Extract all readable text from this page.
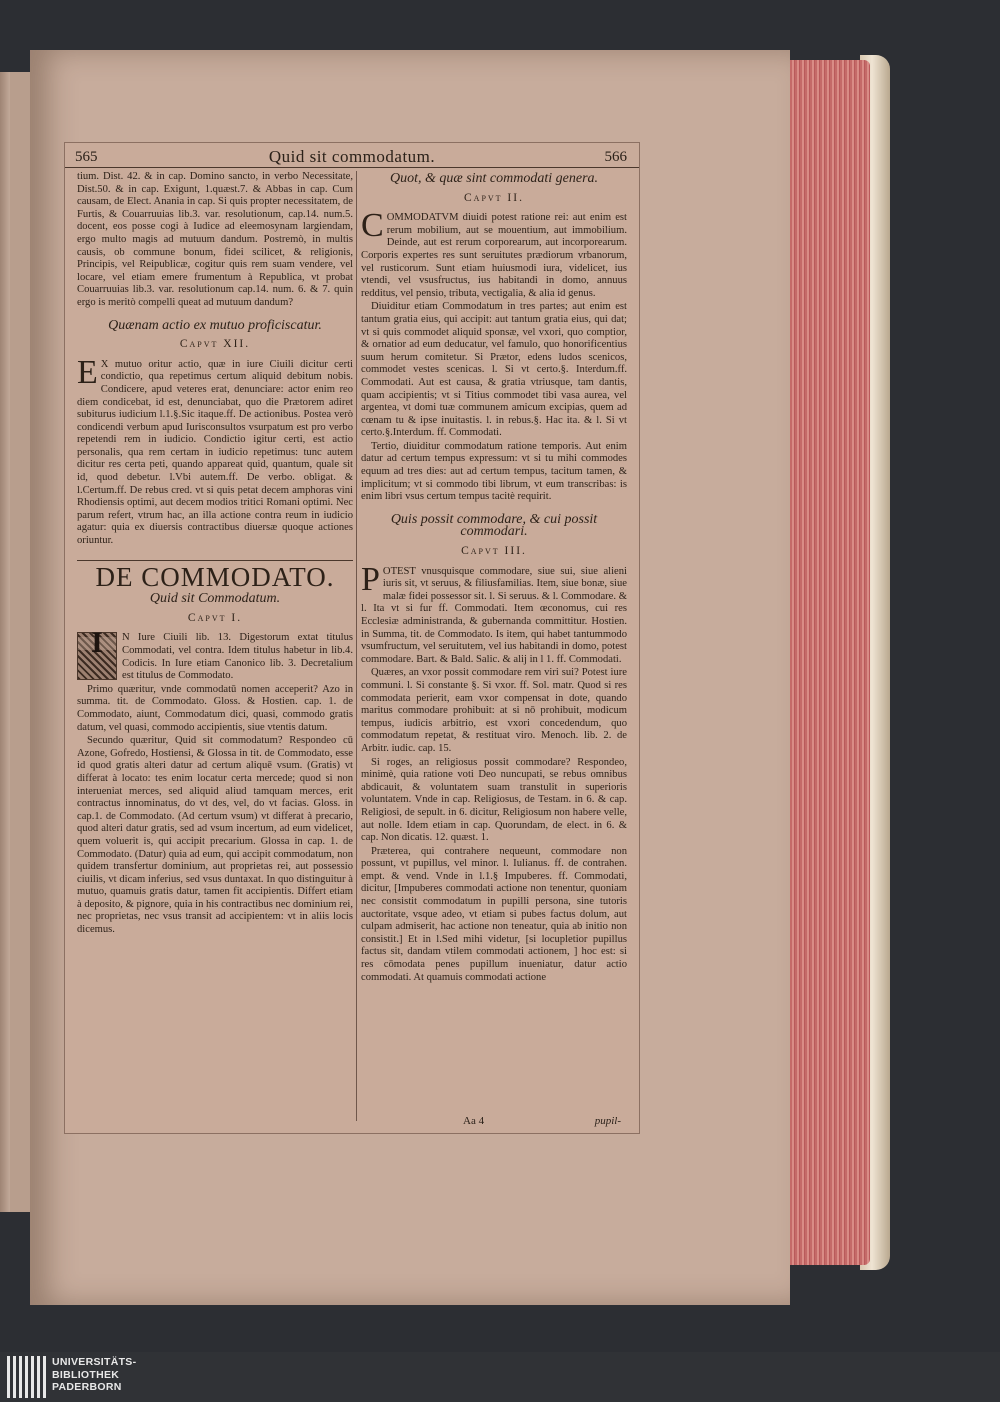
565	Quid sit commodatum.	566

tium. Dist. 42. & in cap. Domino sancto, in verbo Necessitate, Dist.50. & in cap. Exigunt, 1.quæst.7. & Abbas in cap. Cum causam, de Elect. Anania in cap. Si quis propter necessitatem, de Furtis, & Couarruuias lib.3. var. resolutionum, cap.14. num.5. docent, eos posse cogi à Iudice ad eleemosynam largiendam, ergo multo magis ad mutuum dandum. Postremò, in multis causis, ob commune bonum, fidei scilicet, & religionis, Principis, vel Reipublicæ, cogitur quis rem suam vendere, vel locare, vel etiam emere frumentum à Republica, vt probat Couarruuias lib.3. var. resolutionum cap.14. num. 6. & 7. quin ergo is meritò compelli queat ad mutuum dandum?

Quænam actio ex mutuo proficiscatur.
Capvt XII.

E X mutuo oritur actio, quæ in iure Ciuili dicitur certi condictio, qua repetimus certum aliquid debitum nobis. Condicere, apud veteres erat, denunciare: actor enim reo diem condicebat, id est, denunciabat, quo die Prætorem adiret subiturus iudicium l.1.§.Sic itaque.ff. De actionibus. Postea verò condicendi verbum apud Iurisconsultos vsurpatum est pro verbo repetendi rem in iudicio. Condictio igitur certi, est actio personalis, qua rem certam in iudicio repetimus: tunc autem dicitur res certa peti, quando appareat quid, quantum, quale sit id, quod debetur. l.Vbi autem.ff. De verbo. obligat. & l.Certum.ff. De rebus cred. vt si quis petat decem amphoras vini Rhodiensis optimi, aut decem modios tritici Romani optimi. Nec parum refert, vtrum hac, an illa actione contra reum in iudicio agatur: quia ex diuersis contractibus diuersæ quoque actiones oriuntur.

DE COMMODATO.
Quid sit Commodatum.
Capvt I.

I	N Iure Ciuili lib. 13. Digestorum extat titulus Commodati, vel contra. Idem titulus habetur in lib.4. Codicis. In Iure etiam Canonico lib. 3. Decretalium est titulus de Commodato.

Primo quæritur, vnde commodatū nomen acceperit? Azo in summa. tit. de Commodato. Gloss. & Hostien. cap. 1. de Commodato, aiunt, Commodatum dici, quasi, commodo gratis datum, vel quasi, commodo accipientis, siue vtentis datum.

Secundo quæritur, Quid sit commodatum? Respondeo cū Azone, Gofredo, Hostiensi, & Glossa in tit. de Commodato, esse id quod gratis alteri datur ad certum aliquē vsum. (Gratis) vt differat à locato: tes enim locatur certa mercede; quod si non interueniat merces, sed aliquid aliud tamquam merces, erit contractus innominatus, do vt des, vel, do vt facias. Gloss. in cap.1. de Commodato. (Ad certum vsum) vt differat à precario, quod alteri datur gratis, sed ad vsum incertum, ad eum videlicet, quem voluerit is, qui accipit precarium. Glossa in cap. 1. de Commodato. (Datur) quia ad eum, qui accipit commodatum, non quidem transfertur dominium, aut proprietas rei, aut possessio ciuilis, vt dicam inferius, sed vsus duntaxat. In quo distinguitur à mutuo, quamuis gratis datur, tamen fit accipientis. Differt etiam à deposito, & pignore, quia in his contractibus nec dominium rei, nec proprietas, nec vsus transit ad accipientem: vt in aliis locis dicemus.

Quot, & quæ sint commodati genera.
Capvt II.

COMMODATVM diuidi potest ratione rei: aut enim est rerum mobilium, aut se mouentium, aut immobilium. Deinde, aut est rerum corporearum, aut incorporearum. Corporis expertes res sunt seruitutes prædiorum vrbanorum, vel rusticorum. Sunt etiam huiusmodi iura, videlicet, ius vtendi, vel vsusfructus, ius habitandi in domo, annuus redditus, vel pensio, tributa, vectigalia, & alia id genus.

Diuiditur etiam Commodatum in tres partes; aut enim est tantum gratia eius, qui accipit: aut tantum gratia eius, qui dat; vt si quis commodet aliquid sponsæ, vel vxori, quo comptior, & ornatior ad eum deducatur, vel famulo, quo honorificentius suum herum comitetur. Si Prætor, edens ludos scenicos, commodet vestes scenicas. l. Si vt certo.§. Interdum.ff. Commodati. Aut est causa, & gratia vtriusque, tam dantis, quam accipientis; vt si Titius commodet tibi vasa aurea, vel argentea, vt domi tuæ communem amicum excipias, quem ad cœnam tu & ipse inuitastis. l. in rebus.§. Hac ita. & l. Si vt certo.§.Interdum. ff. Commodati.

Tertio, diuiditur commodatum ratione temporis. Aut enim datur ad certum tempus expressum: vt si tu mihi commodes equum ad tres dies: aut ad certum tempus, tacitum tamen, & implicitum; vt si commodo tibi librum, vt eum transcribas: is enim libri vsus certum tempus tacitè requirit.

Quis possit commodare, & cui possit commodari.
Capvt III.

POTEST vnusquisque commodare, siue sui, siue alieni iuris sit, vt seruus, & filiusfamilias. Item, siue bonæ, siue malæ fidei possessor sit. l. Si seruus. & l. Commodare. & l. Ita vt si fur ff. Commodati. Item œconomus, cui res Ecclesiæ administranda, & gubernanda committitur. Hostien. in Summa, tit. de Commodato. Is item, qui habet tantummodo vsumfructum, vel seruitutem, vel ius habitandi in domo, potest commodare. Bart. & Bald. Salic. & alij in l 1. ff. Commodati.

Quæres, an vxor possit commodare rem viri sui? Potest iure communi. l. Si constante §. Si vxor. ff. Sol. matr. Quod si res commodata perierit, eam vxor compensat in dote, quando maritus commodare prohibuit: at si nō prohibuit, modicum tempus, iudicis arbitrio, est vxori concedendum, quo commodatum repetat, & restituat viro. Menoch. lib. 2. de Arbitr. iudic. cap. 15.

Si roges, an religiosus possit commodare? Respondeo, minimè, quia ratione voti Deo nuncupati, se rebus omnibus abdicauit, & voluntatem suam transtulit in superioris voluntatem. Vnde in cap. Religiosus, de Testam. in 6. & cap. Religiosi, de sepult. in 6. dicitur, Religiosum non habere velle, aut nolle. Idem etiam in cap. Quorundam, de elect. in 6. & cap. Non dicatis. 12. quæst. 1.

Præterea, qui contrahere nequeunt, commodare non possunt, vt pupillus, vel minor. l. Iulianus. ff. de contrahen. empt. & vend. Vnde in l.1.§ Impuberes. ff. Commodati, dicitur, [Impuberes commodati actione non tenentur, quoniam nec consistit commodatum in pupilli persona, sine tutoris auctoritate, vsque adeo, vt etiam si pubes factus dolum, aut culpam admiserit, hac actione non teneatur, quia ab initio non consistit.] Et in l.Sed mihi videtur, [si locupletior pupillus factus sit, dandam vtilem commodati actionem, ] hoc est: si res cōmodata penes pupillum inueniatur, datur actio commodati. At quamuis commodati actione

Aa 4	pupil-
UNIVERSITÄTS-
BIBLIOTHEK
PADERBORN
